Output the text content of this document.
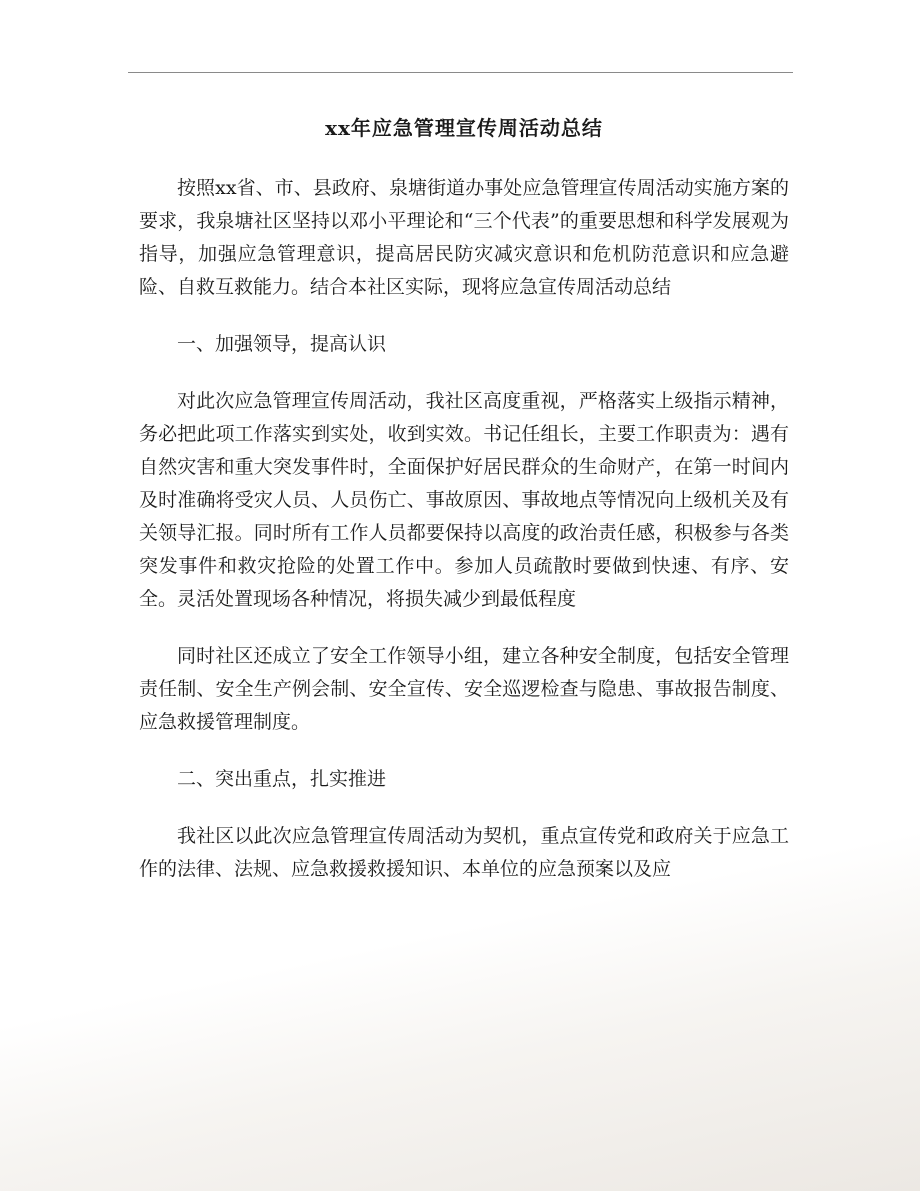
xx年应急管理宣传周活动总结

按照xx省、市、县政府、泉塘街道办事处应急管理宣传周活动实施方案的要求，我泉塘社区坚持以邓小平理论和“三个代表”的重要思想和科学发展观为指导，加强应急管理意识，提高居民防灾减灾意识和危机防范意识和应急避险、自救互救能力。结合本社区实际，现将应急宣传周活动总结

一、加强领导，提高认识

对此次应急管理宣传周活动，我社区高度重视，严格落实上级指示精神，务必把此项工作落实到实处，收到实效。书记任组长，主要工作职责为：遇有自然灾害和重大突发事件时，全面保护好居民群众的生命财产，在第一时间内及时准确将受灾人员、人员伤亡、事故原因、事故地点等情况向上级机关及有关领导汇报。同时所有工作人员都要保持以高度的政治责任感，积极参与各类突发事件和救灾抢险的处置工作中。参加人员疏散时要做到快速、有序、安全。灵活处置现场各种情况，将损失减少到最低程度

同时社区还成立了安全工作领导小组，建立各种安全制度，包括安全管理责任制、安全生产例会制、安全宣传、安全巡逻检查与隐患、事故报告制度、应急救援管理制度。

二、突出重点，扎实推进

我社区以此次应急管理宣传周活动为契机，重点宣传党和政府关于应急工作的法律、法规、应急救援救援知识、本单位的应急预案以及应
